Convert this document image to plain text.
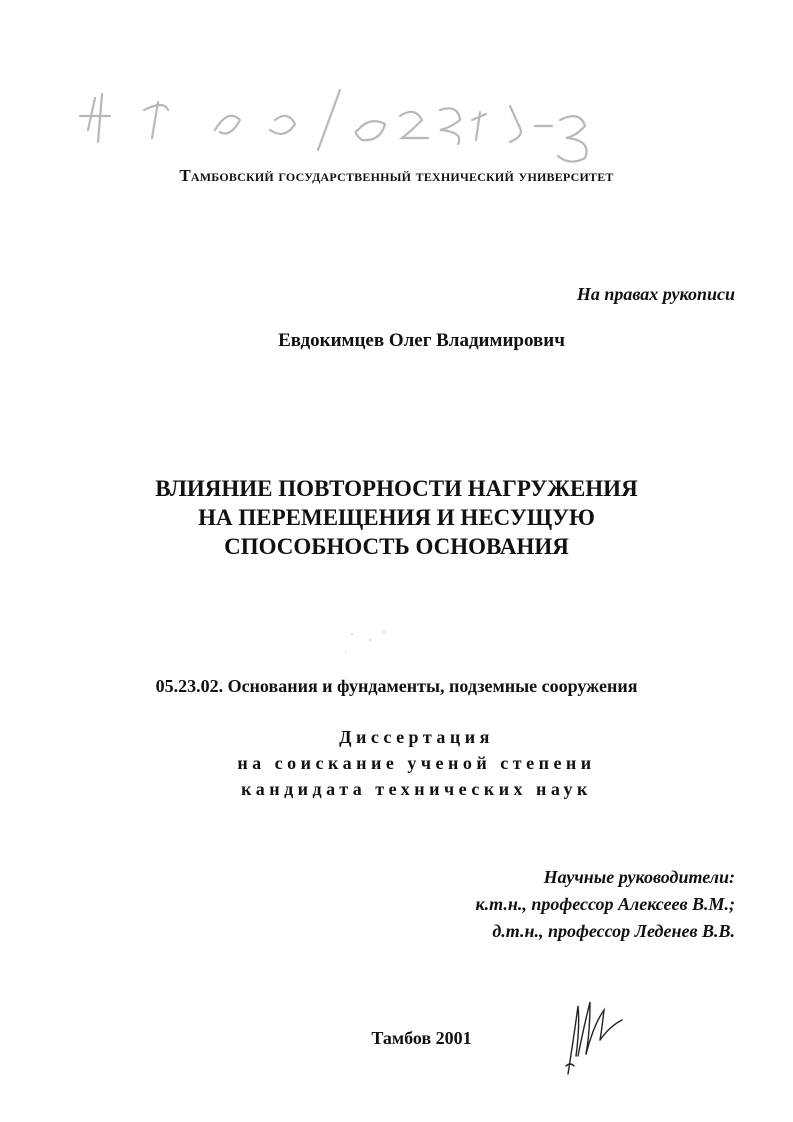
Тамбовский государственный технический университет
На правах рукописи
Евдокимцев Олег Владимирович
ВЛИЯНИЕ ПОВТОРНОСТИ НАГРУЖЕНИЯ
НА ПЕРЕМЕЩЕНИЯ И НЕСУЩУЮ
СПОСОБНОСТЬ ОСНОВАНИЯ
05.23.02. Основания и фундаменты, подземные сооружения
Диссертация
на соискание ученой степени
кандидата технических наук
Научные руководители:
к.т.н., профессор Алексеев В.М.;
д.т.н., профессор Леденев В.В.
Тамбов 2001
